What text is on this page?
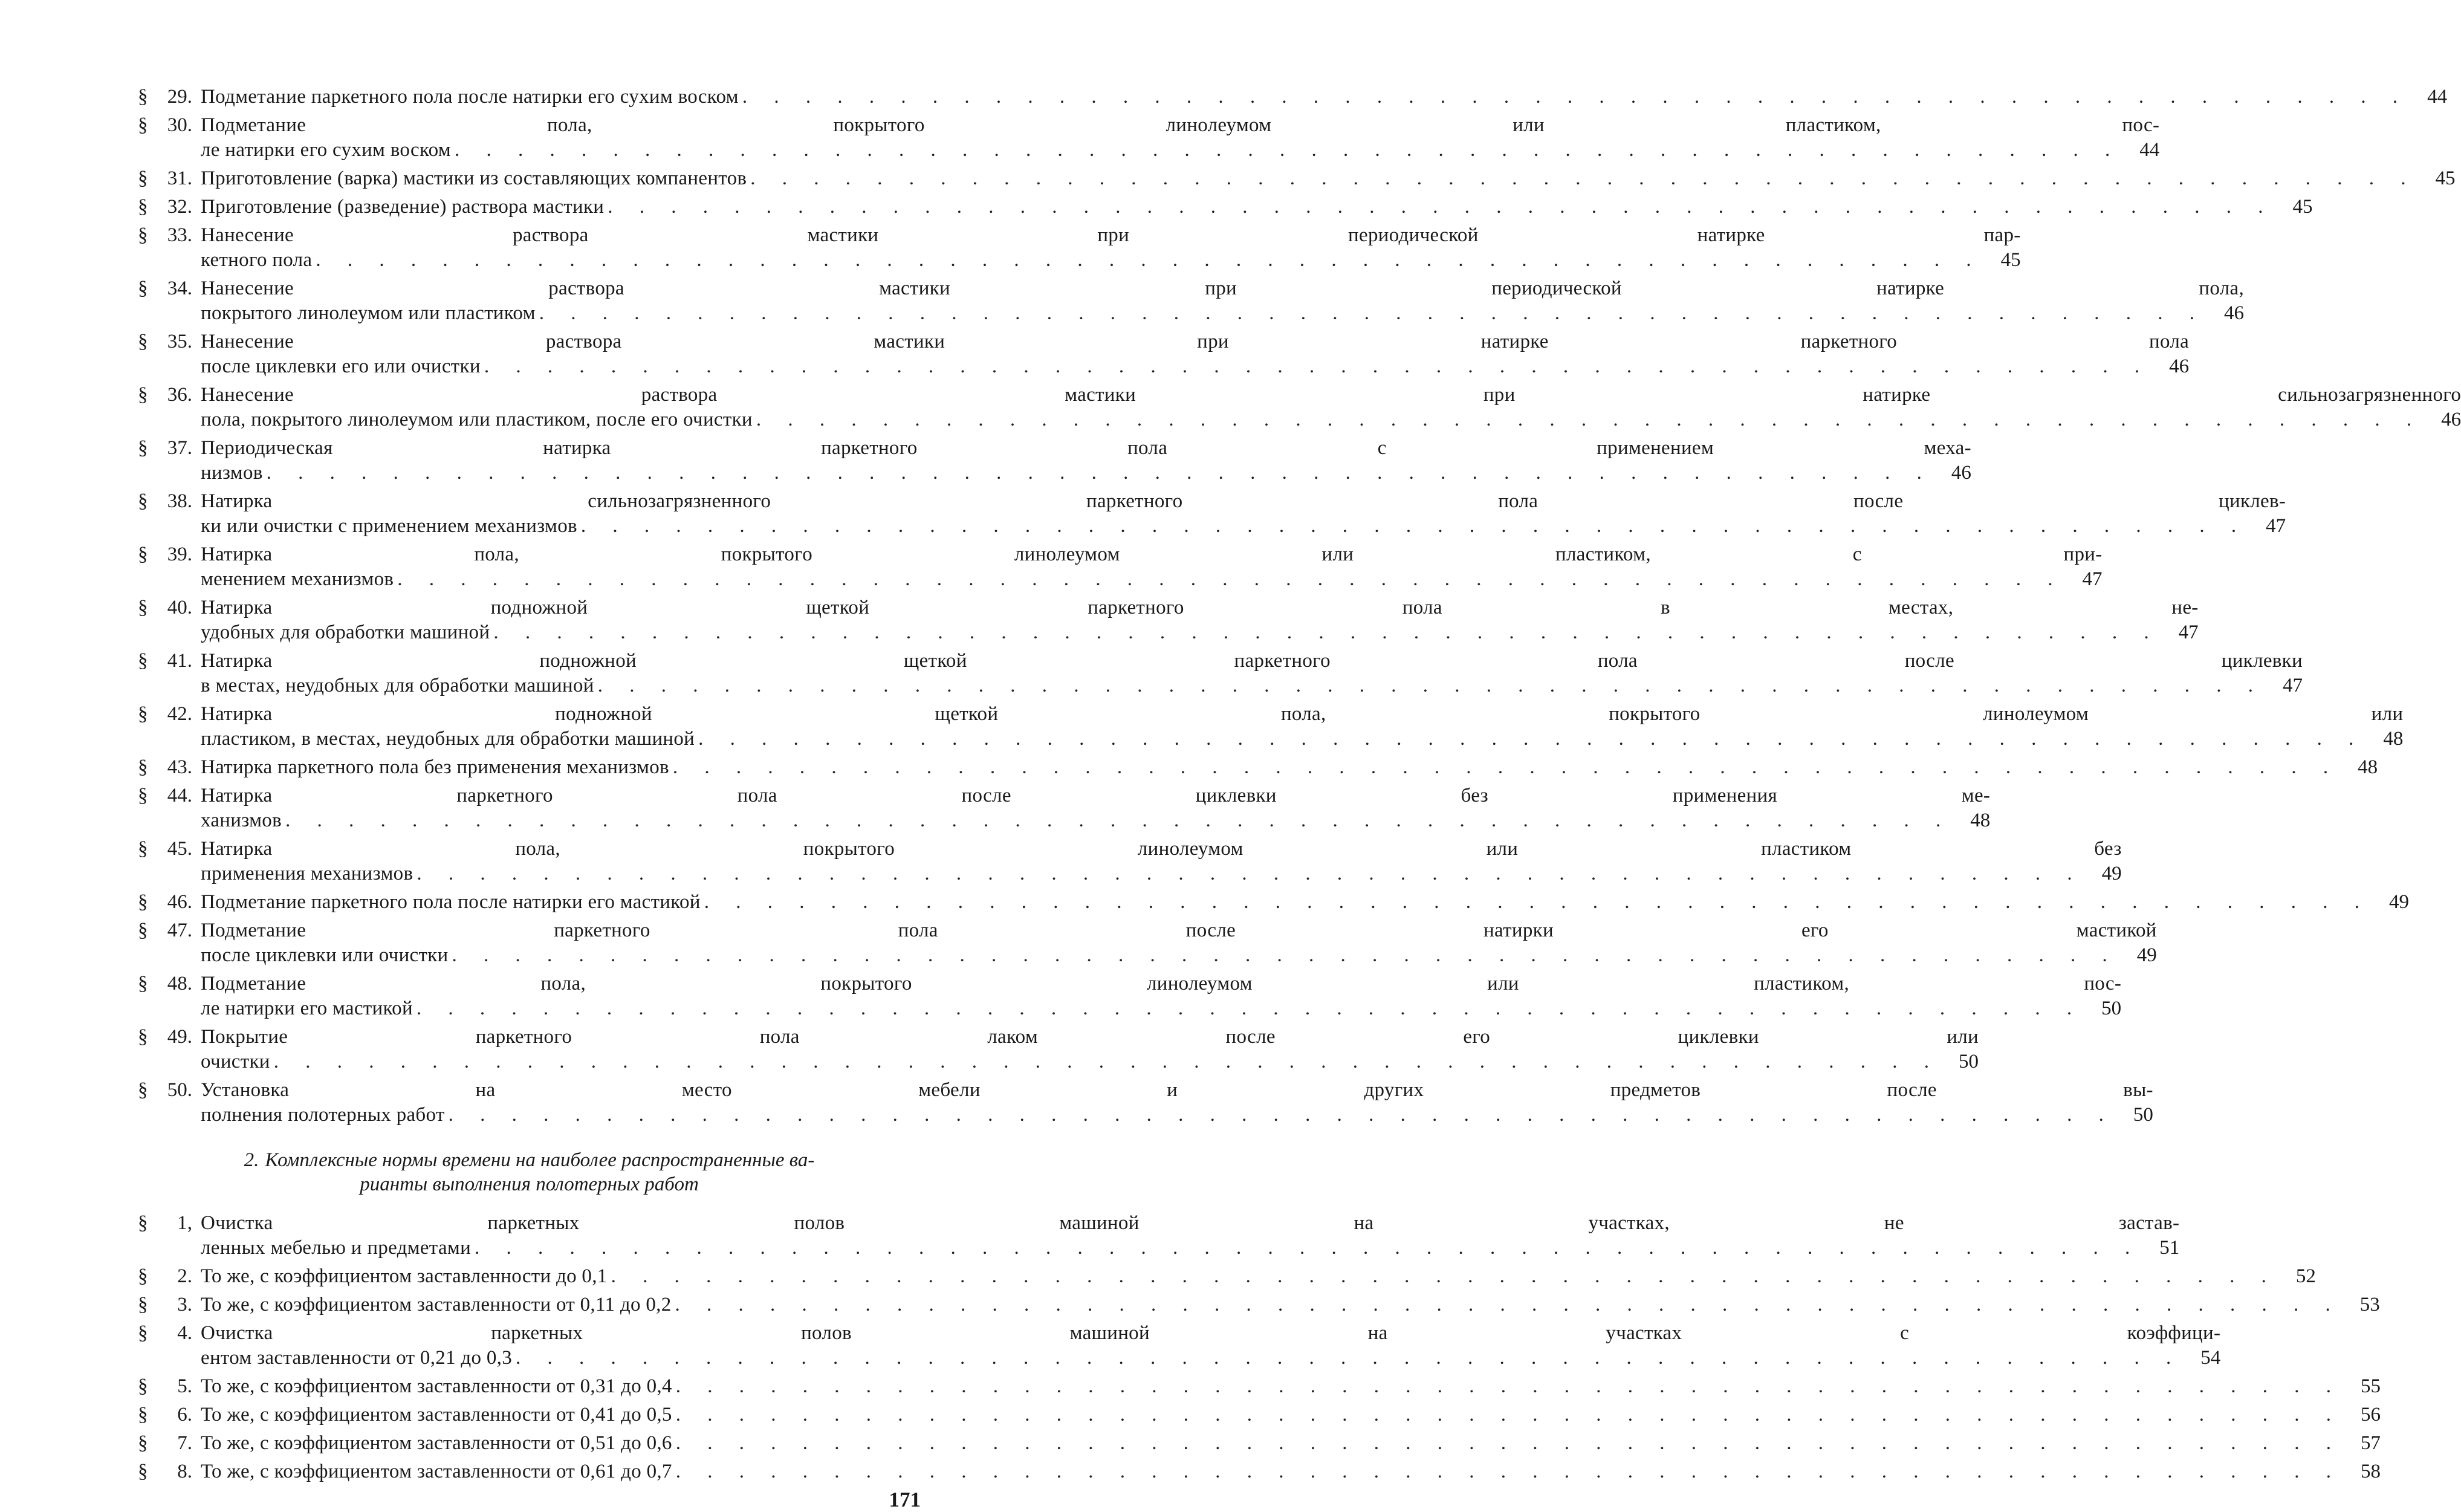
§ 29. Подметание паркетного пола после натирки его сухим воском . . .	44
§ 30. Подметание пола, покрытого линолеумом или пластиком, пос-
ле натирки его сухим воском . . .	44
§ 31. Приготовление (варка) мастики из составляющих компанентов . . .	45
§ 32. Приготовление (разведение) раствора мастики . . .	45
§ 33. Нанесение раствора мастики при периодической натирке пар-
кетного пола . . .	45
§ 34. Нанесение раствора мастики при периодической натирке пола,
покрытого линолеумом или пластиком . . .	46
§ 35. Нанесение раствора мастики при натирке паркетного пола
после циклевки его или очистки . . .	46
§ 36. Нанесение раствора мастики при натирке сильнозагрязненного
пола, покрытого линолеумом или пластиком, после его очистки . . .	46
§ 37. Периодическая натирка паркетного пола с применением меха-
низмов . . .	46
§ 38. Натирка сильнозагрязненного паркетного пола после циклев-
ки или очистки с применением механизмов . . .	47
§ 39. Натирка пола, покрытого линолеумом или пластиком, с при-
менением механизмов . . .	47
§ 40. Натирка подножной щеткой паркетного пола в местах, не-
удобных для обработки машиной . . .	47
§ 41. Натирка подножной щеткой паркетного пола после циклевки
в местах, неудобных для обработки машиной . . .	47
§ 42. Натирка подножной щеткой пола, покрытого линолеумом или
пластиком, в местах, неудобных для обработки машиной . . .	48
§ 43. Натирка паркетного пола без применения механизмов . . .	48
§ 44. Натирка паркетного пола после циклевки без применения ме-
ханизмов . . .	48
§ 45. Натирка пола, покрытого линолеумом или пластиком без
применения механизмов . . .	49
§ 46. Подметание паркетного пола после натирки его мастикой . . .	49
§ 47. Подметание паркетного пола после натирки его мастикой
после циклевки или очистки . . .	49
§ 48. Подметание пола, покрытого линолеумом или пластиком, пос-
ле натирки его мастикой . . .	50
§ 49. Покрытие паркетного пола лаком после его циклевки или
очистки . . .	50
§ 50. Установка на место мебели и других предметов после вы-
полнения полотерных работ . . .	50
2. Комплексные нормы времени на наиболее распространенные ва-
рианты выполнения полотерных работ
§	1, Очистка паркетных полов машиной на участках, не застав-
ленных мебелью и предметами . . .	51
§	2. То же, с коэффициентом заставленности до 0,1 . . .	52
§	3. То же, с коэффициентом заставленности от 0,11 до 0,2 . . .	53
§	4. Очистка паркетных полов машиной на участках с коэффици-
ентом заставленности от 0,21 до 0,3 . . .	54
§	5. То же, с коэффициентом заставленности от 0,31 до 0,4 . . .	55
§	6. То же, с коэффициентом заставленности от 0,41 до 0,5 . . .	56
§	7. То же, с коэффициентом заставленности от 0,51 до 0,6 . . .	57
§	8. То же, с коэффициентом заставленности от 0,61 до 0,7 . . .	58
171
